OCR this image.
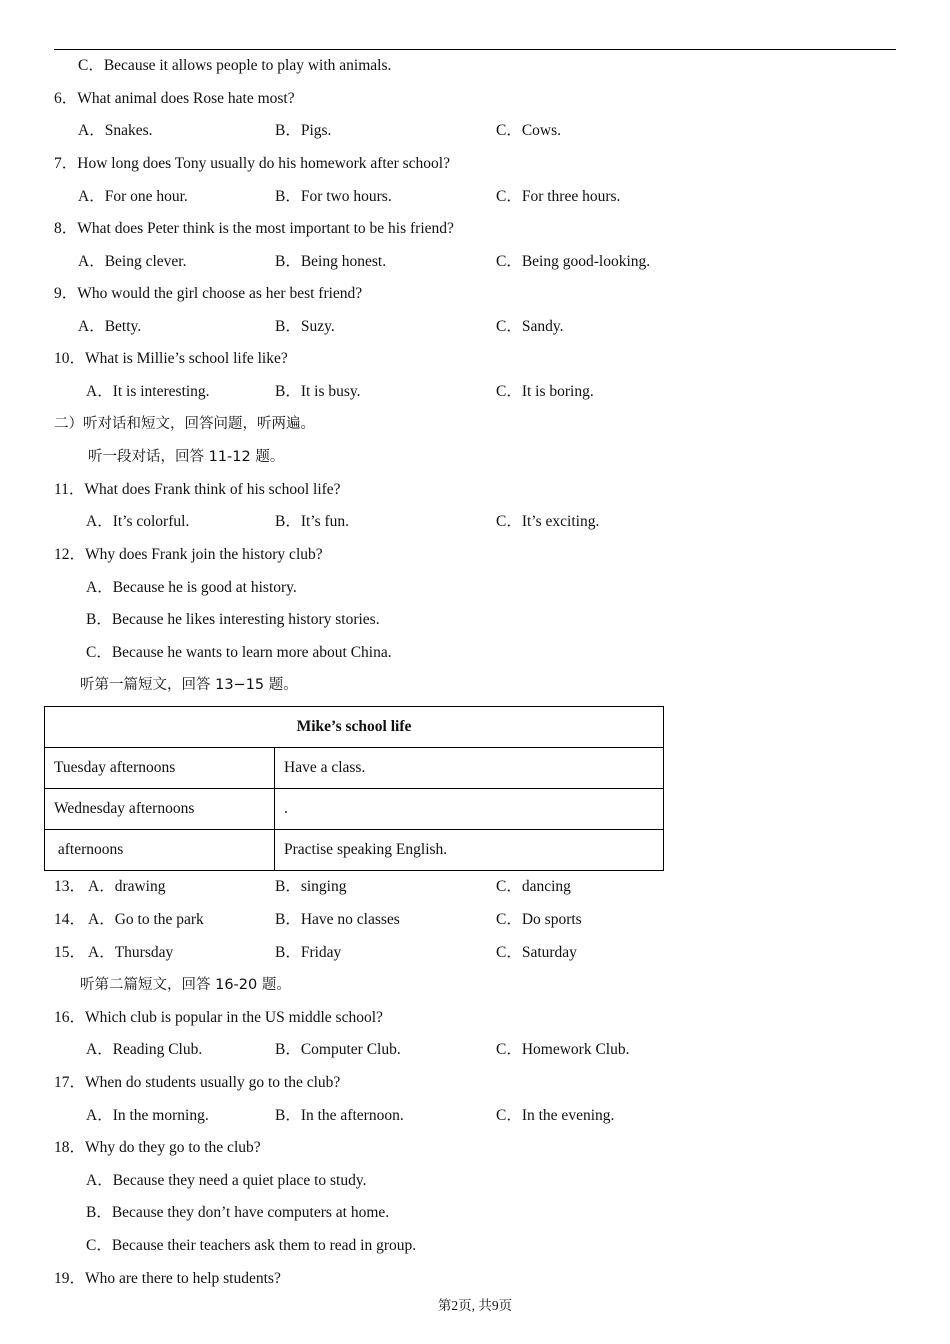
C．Because it allows people to play with animals.
6．What animal does Rose hate most?
A．Snakes.	B．Pigs.	C．Cows.
7．How long does Tony usually do his homework after school?
A．For one hour.	B．For two hours.	C．For three hours.
8．What does Peter think is the most important to be his friend?
A．Being clever.	B．Being honest.	C．Being good-looking.
9．Who would the girl choose as her best friend?
A．Betty.	B．Suzy.	C．Sandy.
10．What is Millie’s school life like?
A．It is interesting.	B．It is busy.	C．It is boring.
二）听对话和短文，回答问题，听两遍。
听一段对话，回答 11-12 题。
11．What does Frank think of his school life?
A．It’s colorful.	B．It’s fun.	C．It’s exciting.
12．Why does Frank join the history club?
A．Because he is good at history.
B．Because he likes interesting history stories.
C．Because he wants to learn more about China.
听第一篇短文，回答 13−15 题。
Mike’s school life	
Tuesday afternoons	Have a class.
Wednesday afternoons	.
afternoons	Practise speaking English.
13． A．drawing	B．singing	C．dancing
14． A．Go to the park	B．Have no classes	C．Do sports
15． A．Thursday	B．Friday	C．Saturday
听第二篇短文，回答 16-20 题。
16．Which club is popular in the US middle school?
A．Reading Club.	B．Computer Club.	C．Homework Club.
17．When do students usually go to the club?
A．In the morning.	B．In the afternoon.	C．In the evening.
18．Why do they go to the club?
A．Because they need a quiet place to study.
B．Because they don’t have computers at home.
C．Because their teachers ask them to read in group.
19．Who are there to help students?
第2页, 共9页
